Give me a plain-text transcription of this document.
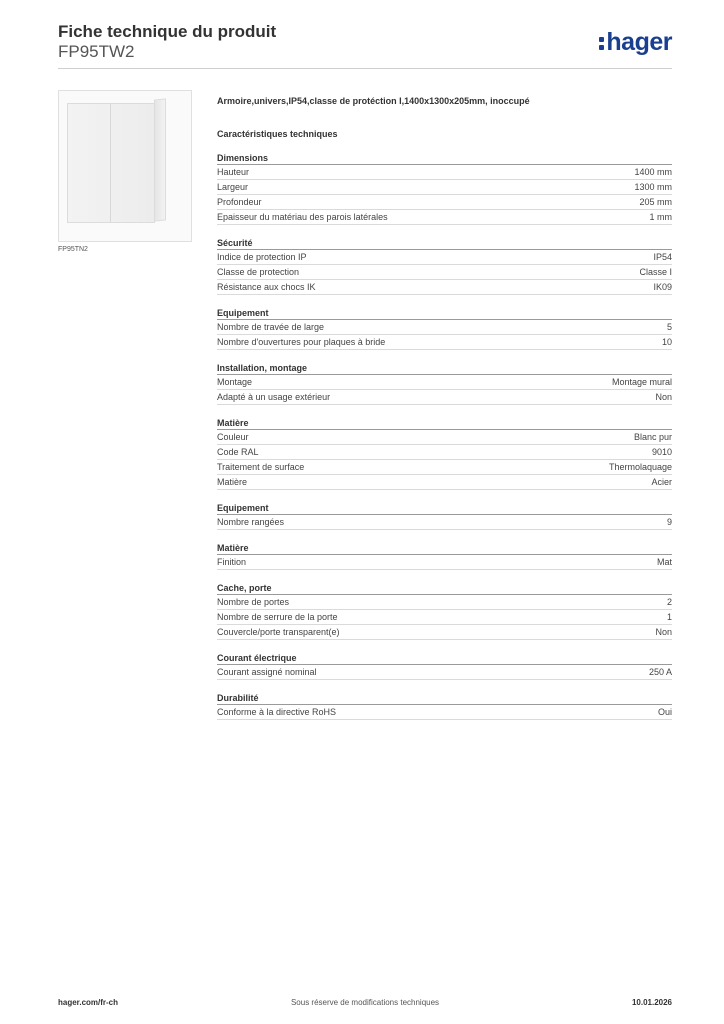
Fiche technique du produit
FP95TW2	hager
FP95TN2
Armoire,univers,IP54,classe de protéction I,1400x1300x205mm, inoccupé
Caractéristiques techniques
Dimensions
Hauteur	1400 mm
Largeur	1300 mm
Profondeur	205 mm
Epaisseur du matériau des parois latérales	1 mm
Sécurité
Indice de protection IP	IP54
Classe de protection	Classe I
Résistance aux chocs IK	IK09
Equipement
Nombre de travée de large	5
Nombre d'ouvertures pour plaques à bride	10
Installation, montage
Montage	Montage mural
Adapté à un usage extérieur	Non
Matière
Couleur	Blanc pur
Code RAL	9010
Traitement de surface	Thermolaquage
Matière	Acier
Equipement
Nombre rangées	9
Matière
Finition	Mat
Cache, porte
Nombre de portes	2
Nombre de serrure de la porte	1
Couvercle/porte transparent(e)	Non
Courant électrique
Courant assigné nominal	250 A
Durabilité
Conforme à la directive RoHS	Oui
hager.com/fr-ch	Sous réserve de modifications techniques	10.01.2026
